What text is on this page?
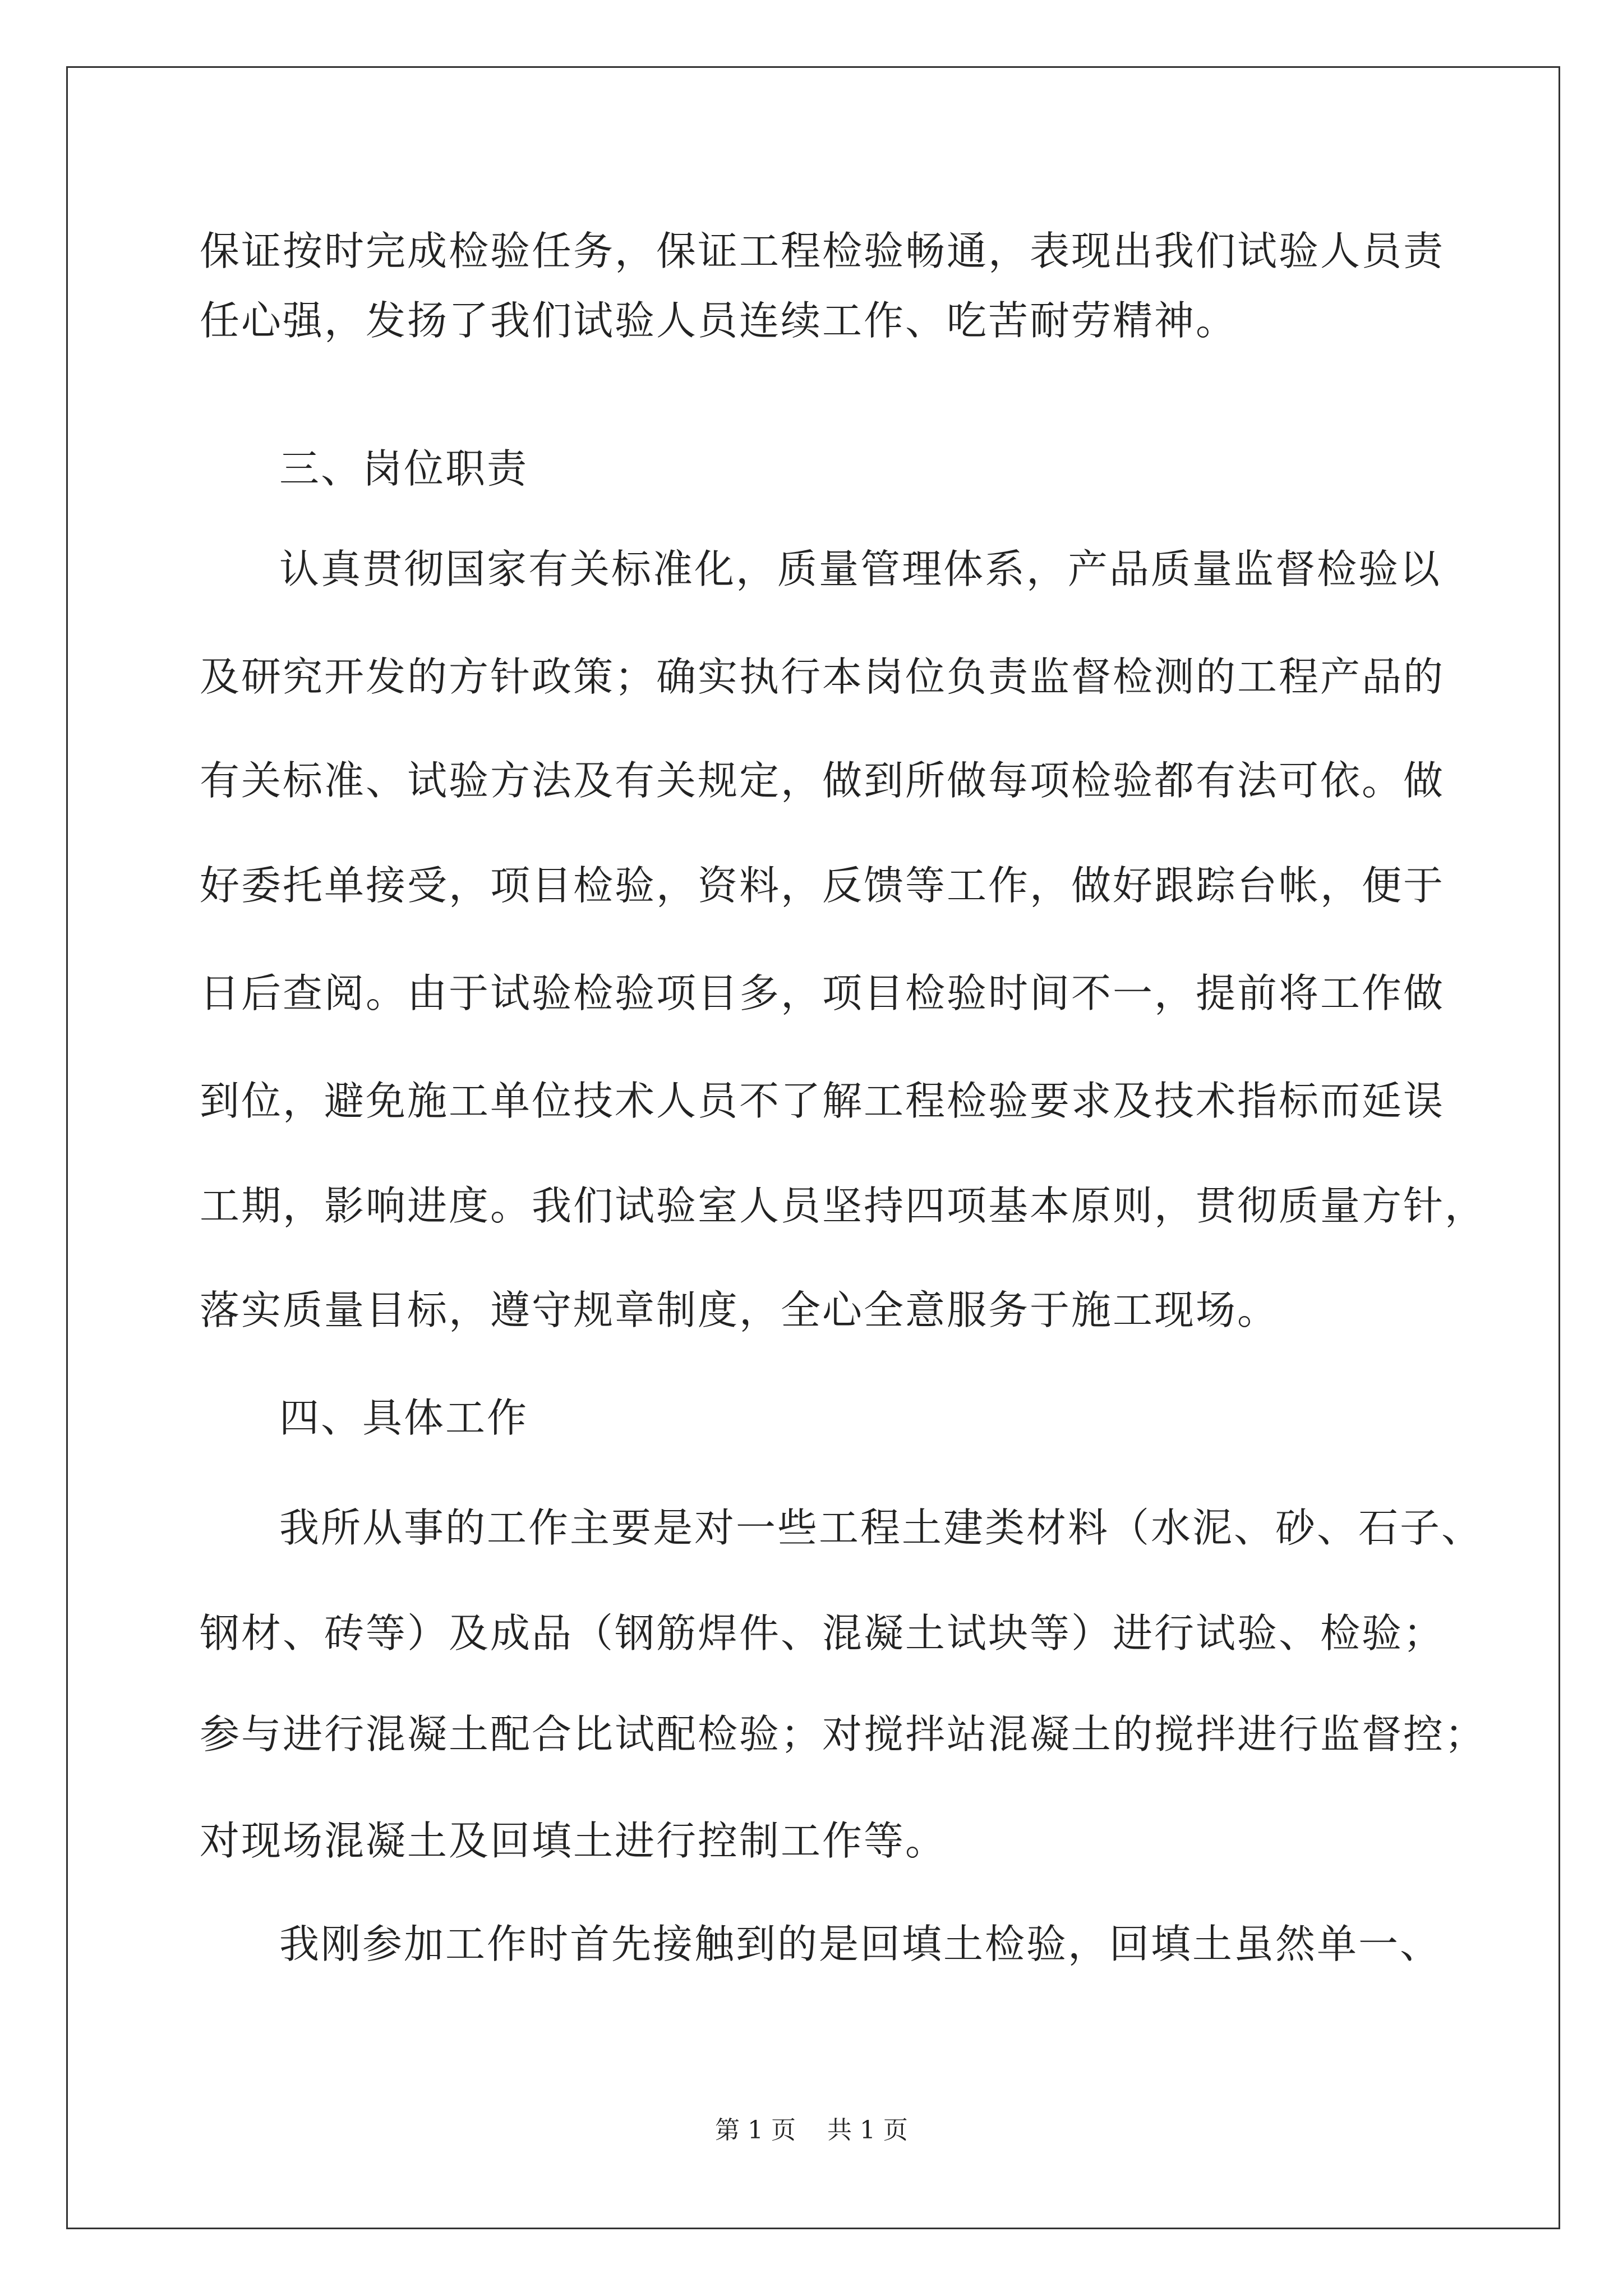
保证按时完成检验任务，保证工程检验畅通，表现出我们试验人员责

任心强，发扬了我们试验人员连续工作、吃苦耐劳精神。

三、岗位职责

认真贯彻国家有关标准化，质量管理体系，产品质量监督检验以

及研究开发的方针政策；确实执行本岗位负责监督检测的工程产品的

有关标准、试验方法及有关规定，做到所做每项检验都有法可依。做

好委托单接受，项目检验，资料，反馈等工作，做好跟踪台帐，便于

日后查阅。由于试验检验项目多，项目检验时间不一，提前将工作做

到位，避免施工单位技术人员不了解工程检验要求及技术指标而延误

工期，影响进度。我们试验室人员坚持四项基本原则，贯彻质量方针，

落实质量目标，遵守规章制度，全心全意服务于施工现场。

四、具体工作

我所从事的工作主要是对一些工程土建类材料（水泥、砂、石子、

钢材、砖等）及成品（钢筋焊件、混凝土试块等）进行试验、检验；

参与进行混凝土配合比试配检验；对搅拌站混凝土的搅拌进行监督控；

对现场混凝土及回填土进行控制工作等。

我刚参加工作时首先接触到的是回填土检验，回填土虽然单一、

第 1 页    共 1 页
